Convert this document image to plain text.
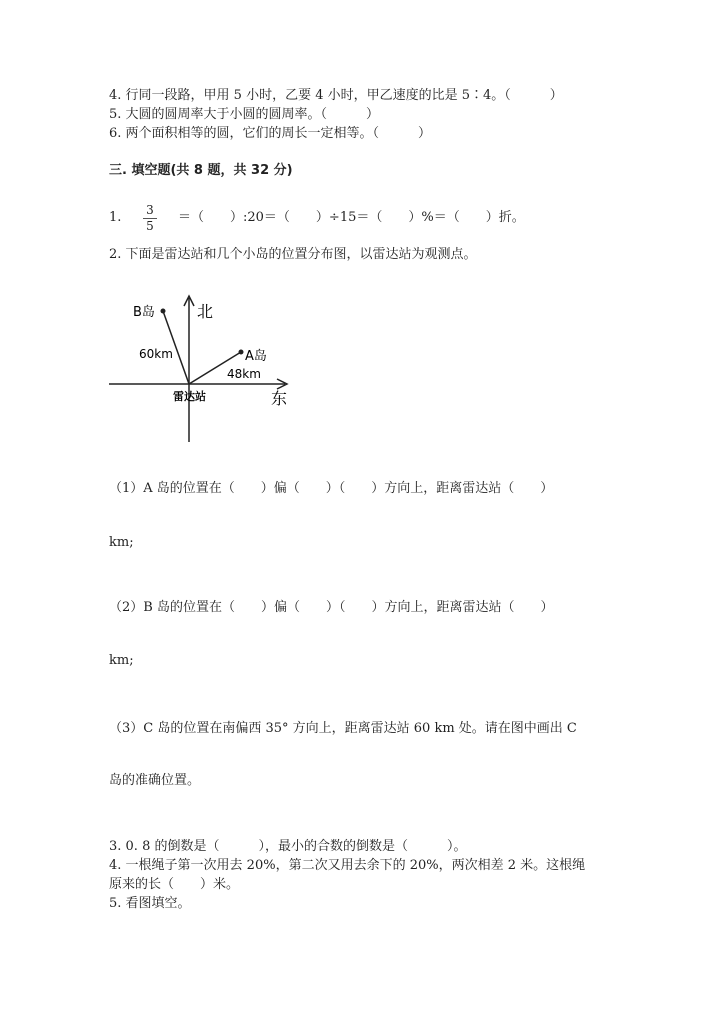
4. 行同一段路，甲用 5 小时，乙要 4 小时，甲乙速度的比是 5∶4。（　　　）
5. 大圆的圆周率大于小圆的圆周率。（　　　）
6. 两个面积相等的圆，它们的周长一定相等。（　　　）
三. 填空题(共 8 题，共 32 分)
1. $\frac{3}{5}$ ＝（　　）:20＝（　　）÷15＝（　　）%＝（　　）折。
2. 下面是雷达站和几个小岛的位置分布图，以雷达站为观测点。
北
东
雷达站
B岛
A岛
60km
48km
（1）A 岛的位置在（　　）偏（　　）（　　）方向上，距离雷达站（　　）
km;
（2）B 岛的位置在（　　）偏（　　）（　　）方向上，距离雷达站（　　）
km;
（3）C 岛的位置在南偏西 35° 方向上，距离雷达站 60 km 处。请在图中画出 C
岛的准确位置。
3. 0. 8 的倒数是（　　　），最小的合数的倒数是（　　　）。
4. 一根绳子第一次用去 20%，第二次又用去余下的 20%，两次相差 2 米。这根绳
原来的长（　　）米。
5. 看图填空。
